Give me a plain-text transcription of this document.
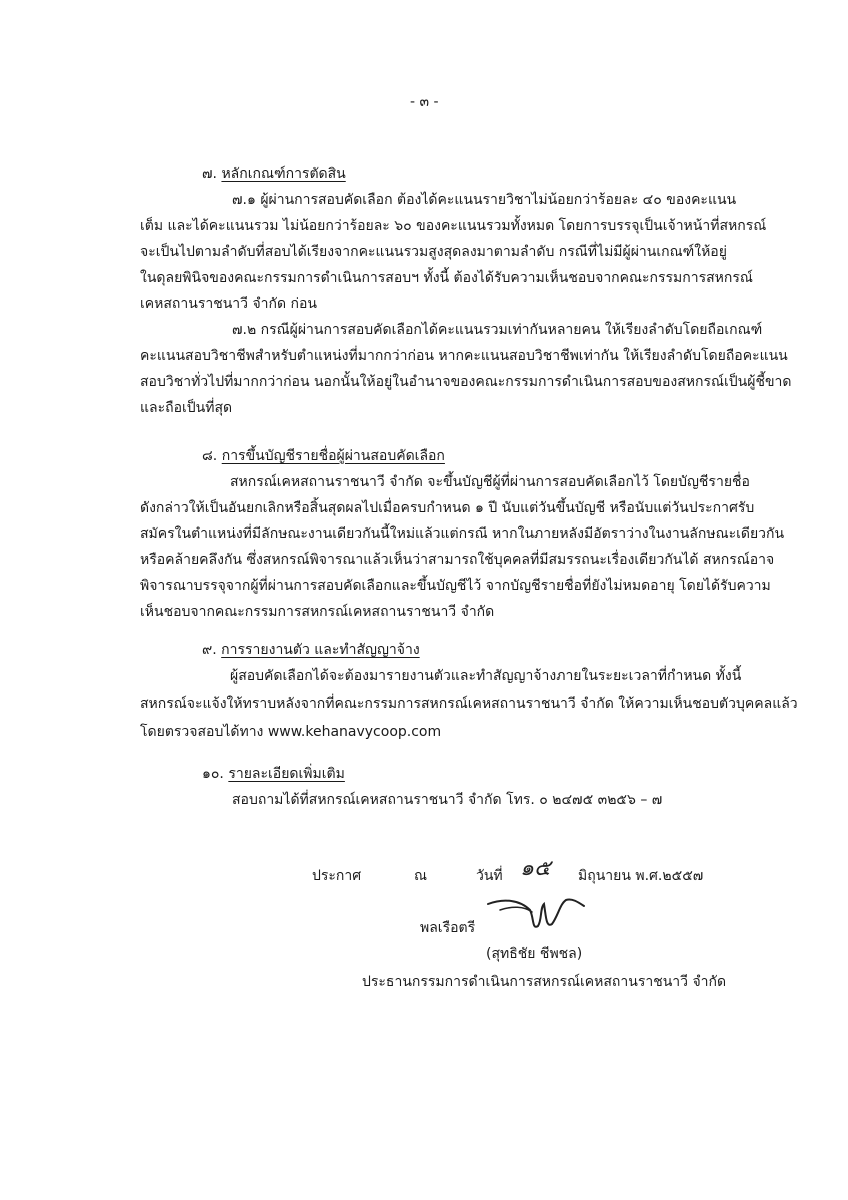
- ๓ -
๗. หลักเกณฑ์การตัดสิน
๗.๑ ผู้ผ่านการสอบคัดเลือก ต้องได้คะแนนรายวิชาไม่น้อยกว่าร้อยละ ๔๐ ของคะแนน
เต็ม และได้คะแนนรวม ไม่น้อยกว่าร้อยละ ๖๐ ของคะแนนรวมทั้งหมด โดยการบรรจุเป็นเจ้าหน้าที่สหกรณ์
จะเป็นไปตามลำดับที่สอบได้เรียงจากคะแนนรวมสูงสุดลงมาตามลำดับ กรณีที่ไม่มีผู้ผ่านเกณฑ์ให้อยู่
ในดุลยพินิจของคณะกรรมการดำเนินการสอบฯ ทั้งนี้ ต้องได้รับความเห็นชอบจากคณะกรรมการสหกรณ์
เคหสถานราชนาวี จำกัด ก่อน
๗.๒ กรณีผู้ผ่านการสอบคัดเลือกได้คะแนนรวมเท่ากันหลายคน ให้เรียงลำดับโดยถือเกณฑ์
คะแนนสอบวิชาชีพสำหรับตำแหน่งที่มากกว่าก่อน หากคะแนนสอบวิชาชีพเท่ากัน ให้เรียงลำดับโดยถือคะแนน
สอบวิชาทั่วไปที่มากกว่าก่อน นอกนั้นให้อยู่ในอำนาจของคณะกรรมการดำเนินการสอบของสหกรณ์เป็นผู้ชี้ขาด
และถือเป็นที่สุด
๘. การขึ้นบัญชีรายชื่อผู้ผ่านสอบคัดเลือก
สหกรณ์เคหสถานราชนาวี จำกัด จะขึ้นบัญชีผู้ที่ผ่านการสอบคัดเลือกไว้ โดยบัญชีรายชื่อ
ดังกล่าวให้เป็นอันยกเลิกหรือสิ้นสุดผลไปเมื่อครบกำหนด ๑ ปี นับแต่วันขึ้นบัญชี หรือนับแต่วันประกาศรับ
สมัครในตำแหน่งที่มีลักษณะงานเดียวกันนี้ใหม่แล้วแต่กรณี หากในภายหลังมีอัตราว่างในงานลักษณะเดียวกัน
หรือคล้ายคลึงกัน ซึ่งสหกรณ์พิจารณาแล้วเห็นว่าสามารถใช้บุคคลที่มีสมรรถนะเรื่องเดียวกันได้ สหกรณ์อาจ
พิจารณาบรรจุจากผู้ที่ผ่านการสอบคัดเลือกและขึ้นบัญชีไว้ จากบัญชีรายชื่อที่ยังไม่หมดอายุ โดยได้รับความ
เห็นชอบจากคณะกรรมการสหกรณ์เคหสถานราชนาวี จำกัด
๙. การรายงานตัว และทำสัญญาจ้าง
ผู้สอบคัดเลือกได้จะต้องมารายงานตัวและทำสัญญาจ้างภายในระยะเวลาที่กำหนด ทั้งนี้
สหกรณ์จะแจ้งให้ทราบหลังจากที่คณะกรรมการสหกรณ์เคหสถานราชนาวี จำกัด ให้ความเห็นชอบตัวบุคคลแล้ว
โดยตรวจสอบได้ทาง www.kehanavycoop.com
๑๐. รายละเอียดเพิ่มเติม
สอบถามได้ที่สหกรณ์เคหสถานราชนาวี จำกัด โทร. ๐ ๒๔๗๕ ๓๒๕๖ – ๗
ประกาศ	ณ	วันที่ ๑๕ มิถุนายน พ.ศ.๒๕๕๗
พลเรือตรี
(สุทธิชัย ชีพชล)
ประธานกรรมการดำเนินการสหกรณ์เคหสถานราชนาวี จำกัด
